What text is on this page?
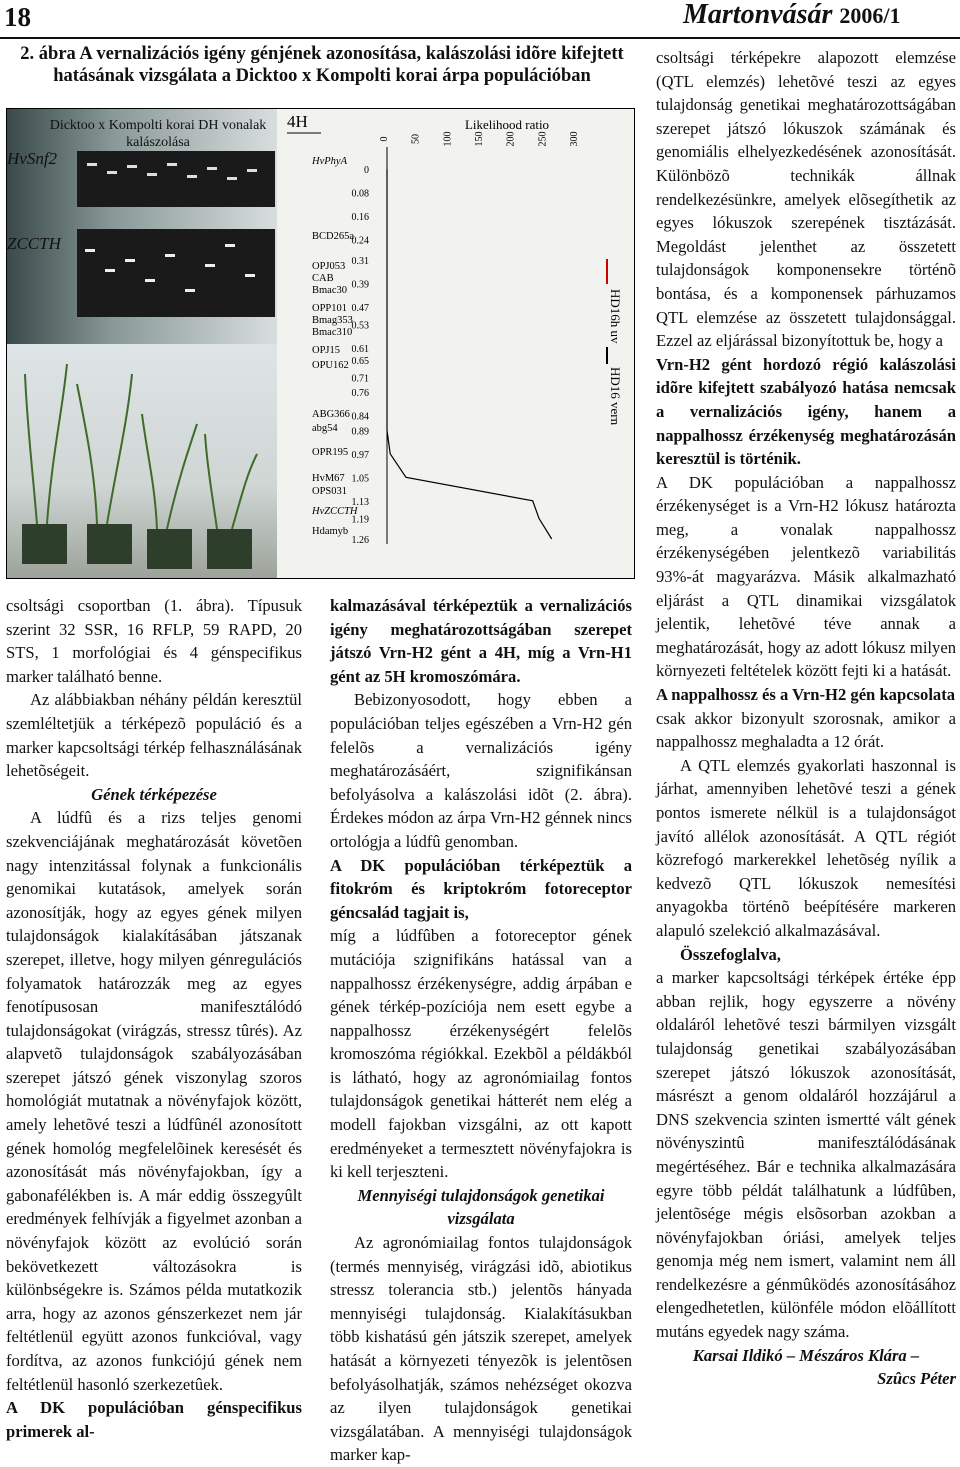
18	Martonvásár 2006/1
2. ábra A vernalizációs igény génjének azonosítása, kalászolási idõre kifejtett hatásának vizsgálata a Dicktoo x Kompolti korai árpa populációban
Dicktoo x Kompolti korai DH vonalak kalászolása
HvSnf2
ZCCTH
4H	Likelihood ratio
HvPhyA
BCD265a
OPJ053
CAB
Bmac30
OPP101
Bmag353
Bmac310
OPJ15
OPU162
ABG366
abg54
OPR195
HvM67
OPS031
HvZCCTH
Hdamyb
0
0.08
0.16
0.24
0.31
0.39
0.47
0.53
0.61
0.65
0.71
0.76
0.84
0.89
0.97
1.05
1.13
1.19
1.26
0 50 100 150 200 250 300
HD16h uv
HD16 vern

csoltsági csoportban (1. ábra). Típusuk szerint 32 SSR, 16 RFLP, 59 RAPD, 20 STS, 1 morfológiai és 4 génspecifikus marker található benne.

Az alábbiakban néhány példán keresztül szemléltetjük a térképezõ populáció és a marker kapcsoltsági térkép felhasználásának lehetõségeit.

Gének térképezése

A lúdfû és a rizs teljes genomi szekvenciájának meghatározását követõen nagy intenzitással folynak a funkcionális genomikai kutatások, amelyek során azonosítják, hogy az egyes gének milyen tulajdonságok kialakításában játszanak szerepet, illetve, hogy milyen génregulációs folyamatok határozzák meg az egyes fenotípusosan manifesztálódó tulajdonságokat (virágzás, stressz tûrés). Az alapvetõ tulajdonságok szabályozásában szerepet játszó gének viszonylag szoros homológiát mutatnak a növényfajok között, amely lehetõvé teszi a lúdfûnél azonosított gének homológ megfelelõinek keresését és azonosítását más növényfajokban, így a gabonafélékben is. A már eddig összegyûlt eredmények felhívják a figyelmet azonban a növényfajok között az evolúció során bekövetkezett változásokra is különbségekre is. Számos példa mutatkozik arra, hogy az azonos génszerkezet nem jár feltétlenül együtt azonos funkcióval, vagy fordítva, az azonos funkciójú gének nem feltétlenül hasonló szerkezetûek.

A DK populációban génspecifikus primerek al-

kalmazásával térképeztük a vernalizációs igény meghatározottságában szerepet játszó Vrn-H2 gént a 4H, míg a Vrn-H1 gént az 5H kromoszómára.

Bebizonyosodott, hogy ebben a populációban teljes egészében a Vrn-H2 gén felelõs a vernalizációs igény meghatározásáért, szignifikánsan befolyásolva a kalászolási idõt (2. ábra). Érdekes módon az árpa Vrn-H2 génnek nincs ortológja a lúdfû genomban.

A DK populációban térképeztük a fitokróm és kriptokróm fotoreceptor géncsalád tagjait is,

míg a lúdfûben a fotoreceptor gének mutációja szignifikáns hatással van a nappalhossz érzékenységre, addig árpában e gének térkép-pozíciója nem esett egybe a nappalhossz érzékenységért felelõs kromoszóma régiókkal. Ezekbõl a példákból is látható, hogy az agronómiailag fontos tulajdonságok genetikai hátterét nem elég a modell fajokban vizsgálni, az ott kapott eredményeket a termesztett növényfajokra is ki kell terjeszteni.

Mennyiségi tulajdonságok genetikai vizsgálata

Az agronómiailag fontos tulajdonságok (termés mennyiség, virágzási idõ, abiotikus stressz tolerancia stb.) jelentõs hányada mennyiségi tulajdonság. Kialakításukban több kishatású gén játszik szerepet, amelyek hatását a környezeti tényezõk is jelentõsen befolyásolhatják, számos nehézséget okozva az ilyen tulajdonságok genetikai vizsgálatában. A mennyiségi tulajdonságok marker kap-

csoltsági térképekre alapozott elemzése (QTL elemzés) lehetõvé teszi az egyes tulajdonság genetikai meghatározottságában szerepet játszó lókuszok számának és genomiális elhelyezkedésének azonosítását. Különbözõ technikák állnak rendelkezésünkre, amelyek elõsegíthetik az egyes lókuszok szerepének tisztázását. Megoldást jelenthet az összetett tulajdonságok komponensekre történõ bontása, és a komponensek párhuzamos QTL elemzése az összetett tulajdonsággal. Ezzel az eljárással bizonyítottuk be, hogy a

Vrn-H2 gént hordozó régió kalászolási idõre kifejtett szabályozó hatása nemcsak a vernalizációs igény, hanem a nappalhossz érzékenység meghatározásán keresztül is történik.

A DK populációban a nappalhossz érzékenységet is a Vrn-H2 lókusz határozta meg, a vonalak nappalhossz érzékenységében jelentkezõ variabilitás 93%-át magyarázva. Másik alkalmazható eljárást a QTL dinamikai vizsgálatok jelentik, lehetõvé téve annak a meghatározását, hogy az adott lókusz milyen környezeti feltételek között fejti ki a hatását.

A nappalhossz és a Vrn-H2 gén kapcsolata

csak akkor bizonyult szorosnak, amikor a nappalhossz meghaladta a 12 órát.

A QTL elemzés gyakorlati haszonnal is járhat, amennyiben lehetõvé teszi a gének pontos ismerete nélkül is a tulajdonságot javító allélok azonosítását. A QTL régiót közrefogó markerekkel lehetõség nyílik a kedvezõ QTL lókuszok nemesítési anyagokba történõ beépítésére markeren alapuló szelekció alkalmazásával.

Összefoglalva,

a marker kapcsoltsági térképek értéke épp abban rejlik, hogy egyszerre a növény oldaláról lehetõvé teszi bármilyen vizsgált tulajdonság genetikai szabályozásában szerepet játszó lókuszok azonosítását, másrészt a genom oldaláról hozzájárul a DNS szekvencia szinten ismertté vált gének növényszintû manifesztálódásának megértéséhez. Bár e technika alkalmazására egyre több példát találhatunk a lúdfûben, jelentõsége mégis elsõsorban azokban a növényfajokban óriási, amelyek teljes genomja még nem ismert, valamint nem áll rendelkezésre a génmûködés azonosításához elengedhetetlen, különféle módon elõállított mutáns egyedek nagy száma.

Karsai Ildikó – Mészáros Klára –

Szûcs Péter
